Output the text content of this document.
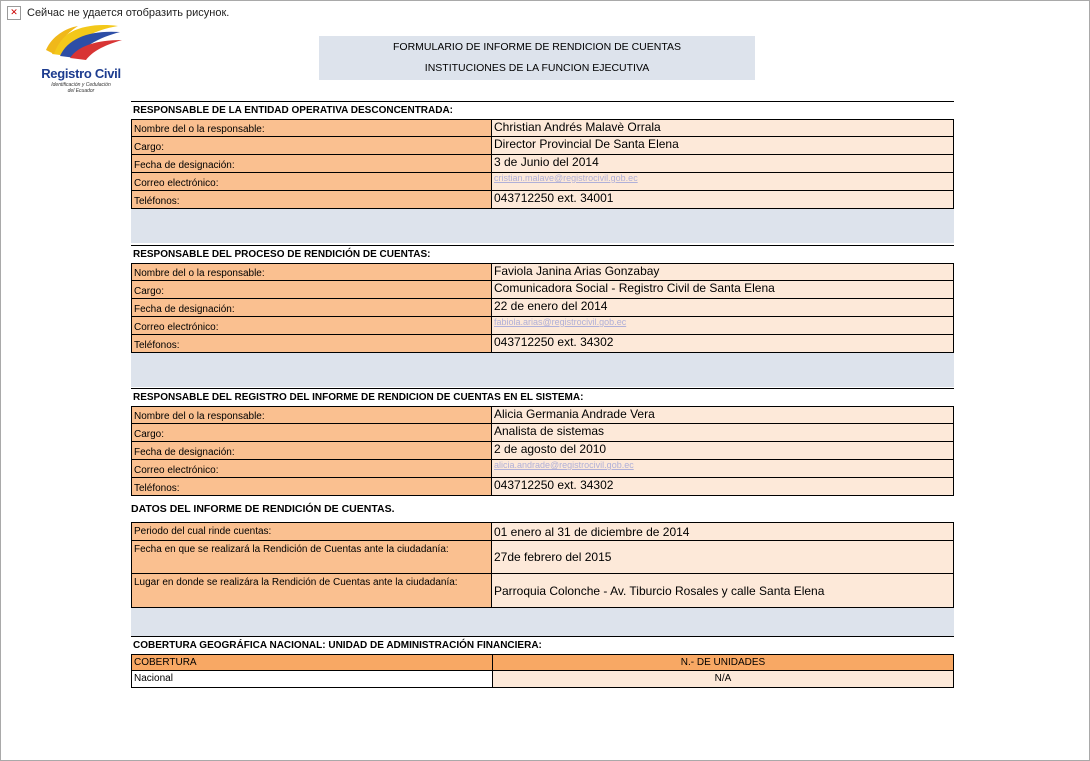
✕ Сейчас не удается отобразить рисунок.
Registro Civil
Identificación y Cedulación
del Ecuador
FORMULARIO DE INFORME DE RENDICION DE CUENTAS
INSTITUCIONES DE LA FUNCION EJECUTIVA
RESPONSABLE DE LA ENTIDAD OPERATIVA DESCONCENTRADA:
Nombre del o la responsable:	Christian Andrés Malavè Orrala
Cargo:	Director Provincial De Santa Elena
Fecha de designación:	3 de Junio del 2014
Correo electrónico:	cristian.malave@registrocivil.gob.ec
Teléfonos:	043712250 ext. 34001
RESPONSABLE DEL PROCESO DE RENDICIÓN DE CUENTAS:
Nombre del o la responsable:	Faviola Janina Arias Gonzabay
Cargo:	Comunicadora Social - Registro Civil de Santa Elena
Fecha de designación:	22 de enero del 2014
Correo electrónico:	fabiola.arias@registrocivil.gob.ec
Teléfonos:	043712250 ext. 34302
RESPONSABLE DEL REGISTRO DEL INFORME DE RENDICION DE CUENTAS EN EL SISTEMA:
Nombre del o la responsable:	Alicia Germania Andrade Vera
Cargo:	Analista de sistemas
Fecha de designación:	2 de agosto del 2010
Correo electrónico:	alicia.andrade@registrocivil.gob.ec
Teléfonos:	043712250 ext. 34302
DATOS DEL INFORME DE RENDICIÓN DE CUENTAS.
Periodo del cual rinde cuentas:	01 enero al 31 de diciembre de 2014
Fecha en que se realizará la Rendición de Cuentas ante la ciudadanía:
27de febrero del 2015
Lugar en donde se realizára la Rendición de Cuentas ante la ciudadanía:
Parroquia Colonche - Av. Tiburcio Rosales y calle Santa Elena
COBERTURA GEOGRÁFICA NACIONAL: UNIDAD DE ADMINISTRACIÓN FINANCIERA:
COBERTURA	N.- DE UNIDADES
Nacional	N/A
